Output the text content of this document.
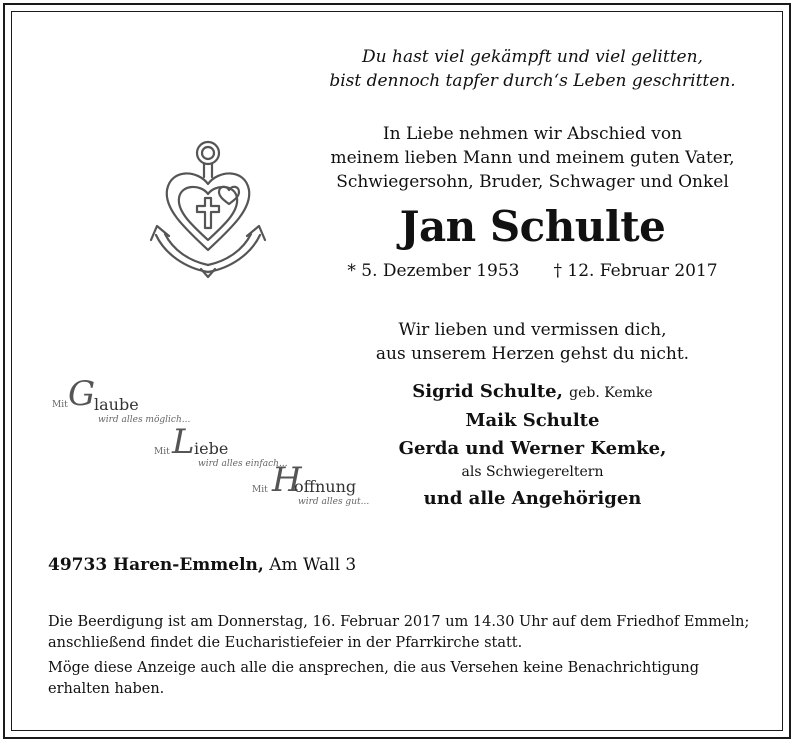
Du hast viel gekämpft und viel gelitten,
bist dennoch tapfer durch‘s Leben geschritten.
In Liebe nehmen wir Abschied von
meinem lieben Mann und meinem guten Vater,
Schwiegersohn, Bruder, Schwager und Onkel
Jan Schulte
* 5. Dezember 1953 † 12. Februar 2017
Wir lieben und vermissen dich,
aus unserem Herzen gehst du nicht.
Sigrid Schulte, geb. Kemke
Maik Schulte
Gerda und Werner Kemke,
als Schwiegereltern
und alle Angehörigen
Mit G
laube
wird alles möglich...
Mit L iebe
wird alles einfach...
Mit H
offnung
wird alles gut...
49733 Haren-Emmeln, Am Wall 3

Die Beerdigung ist am Donnerstag, 16. Februar 2017 um 14.30 Uhr auf dem Friedhof Emmeln; anschließend findet die Eucharistiefeier in der Pfarrkirche statt.

Möge diese Anzeige auch alle die ansprechen, die aus Versehen keine Benachrichtigung erhalten haben.
